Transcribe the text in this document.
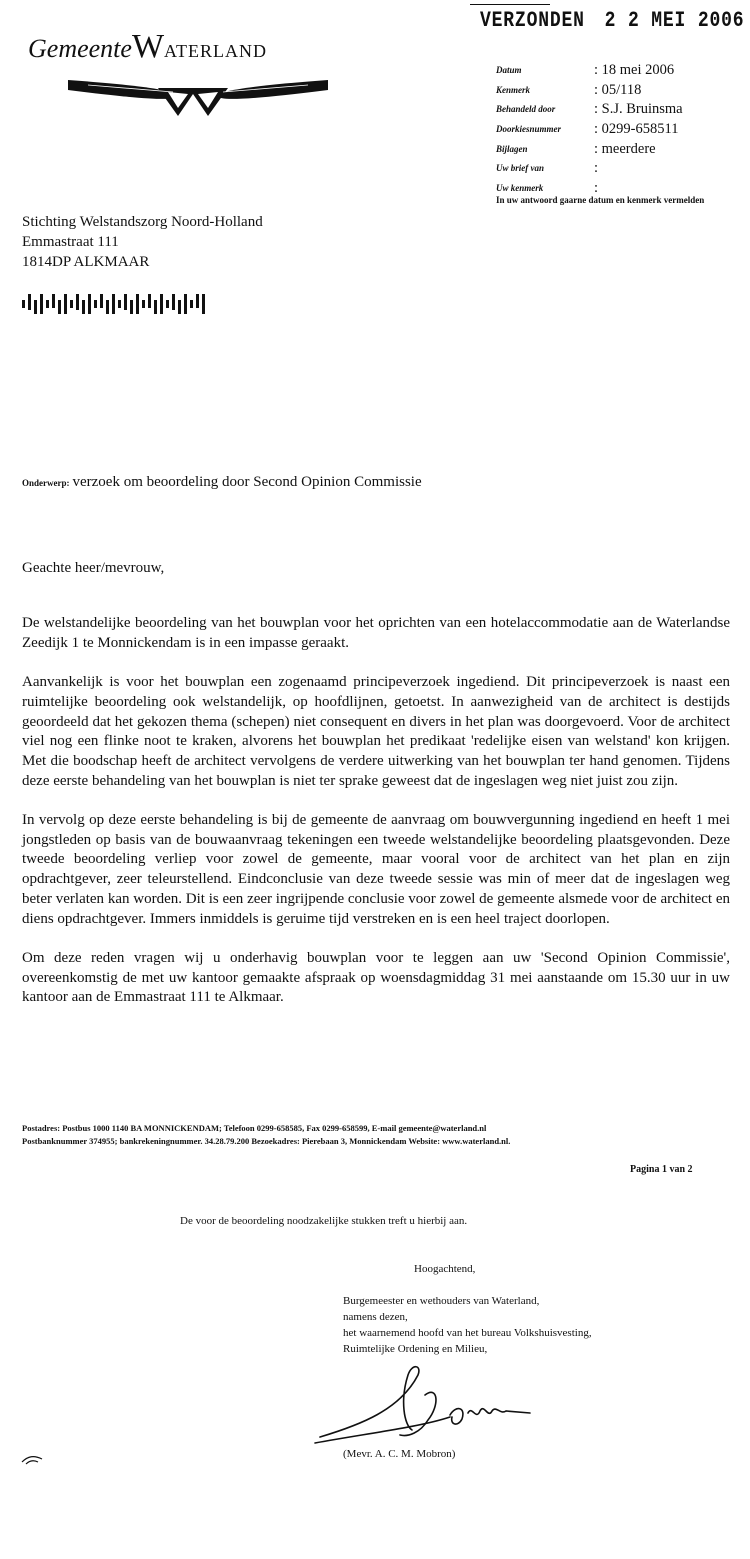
VERZONDEN 2 2 MEI 2006
GemeenteWaterland
Datum	: 18 mei 2006
Kenmerk	: 05/118
Behandeld door	: S.J. Bruinsma
Doorkiesnummer : 0299-658511
Bijlagen	: meerdere
Uw brief van	:
Uw kenmerk	:
In uw antwoord gaarne datum en kenmerk vermelden
Stichting Welstandszorg Noord-Holland
Emmastraat 111
1814DP ALKMAAR
Onderwerp: verzoek om beoordeling door Second Opinion Commissie
Geachte heer/mevrouw,

De welstandelijke beoordeling van het bouwplan voor het oprichten van een hotelaccommodatie aan de Waterlandse Zeedijk 1 te Monnickendam is in een impasse geraakt.

Aanvankelijk is voor het bouwplan een zogenaamd principeverzoek ingediend. Dit principeverzoek is naast een ruimtelijke beoordeling ook welstandelijk, op hoofdlijnen, getoetst. In aanwezigheid van de architect is destijds geoordeeld dat het gekozen thema (schepen) niet consequent en divers in het plan was doorgevoerd. Voor de architect viel nog een flinke noot te kraken, alvorens het bouwplan het predikaat 'redelijke eisen van welstand' kon krijgen. Met die boodschap heeft de architect vervolgens de verdere uitwerking van het bouwplan ter hand genomen. Tijdens deze eerste behandeling van het bouwplan is niet ter sprake geweest dat de ingeslagen weg niet juist zou zijn.

In vervolg op deze eerste behandeling is bij de gemeente de aanvraag om bouwvergunning ingediend en heeft 1 mei jongstleden op basis van de bouwaanvraag tekeningen een tweede welstandelijke beoordeling plaatsgevonden. Deze tweede beoordeling verliep voor zowel de gemeente, maar vooral voor de architect van het plan en zijn opdrachtgever, zeer teleurstellend. Eindconclusie van deze tweede sessie was min of meer dat de ingeslagen weg beter verlaten kan worden. Dit is een zeer ingrijpende conclusie voor zowel de gemeente alsmede voor de architect en diens opdrachtgever. Immers inmiddels is geruime tijd verstreken en is een heel traject doorlopen.

Om deze reden vragen wij u onderhavig bouwplan voor te leggen aan uw 'Second Opinion Commissie', overeenkomstig de met uw kantoor gemaakte afspraak op woensdagmiddag 31 mei aanstaande om 15.30 uur in uw kantoor aan de Emmastraat 111 te Alkmaar.

Postadres: Postbus 1000 1140 BA MONNICKENDAM; Telefoon 0299-658585, Fax 0299-658599, E-mail gemeente@waterland.nl
Postbanknummer 374955; bankrekeningnummer. 34.28.79.200 Bezoekadres: Pierebaan 3, Monnickendam Website: www.waterland.nl.
Pagina 1 van 2
De voor de beoordeling noodzakelijke stukken treft u hierbij aan.
Hoogachtend,
Burgemeester en wethouders van Waterland,
namens dezen,
het waarnemend hoofd van het bureau Volkshuisvesting,
Ruimtelijke Ordening en Milieu,
(Mevr. A. C. M. Mobron)
